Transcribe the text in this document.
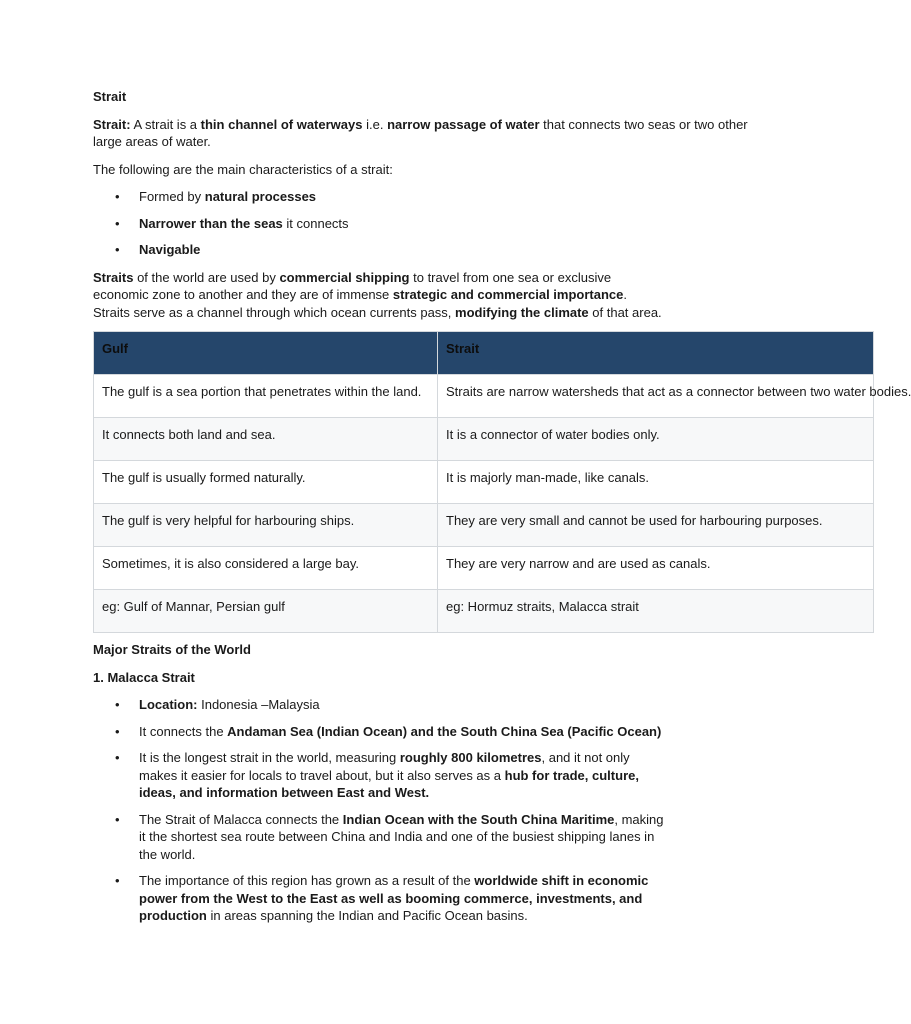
Strait

Strait: A strait is a thin channel of waterways i.e. narrow passage of water that connects two seas or two other large areas of water.

The following are the main characteristics of a strait:

• Formed by natural processes
• Narrower than the seas it connects
• Navigable

Straits of the world are used by commercial shipping to travel from one sea or exclusive economic zone to another and they are of immense strategic and commercial importance. Straits serve as a channel through which ocean currents pass, modifying the climate of that area.

Gulf	Strait
The gulf is a sea portion that penetrates within the land.	Straits are narrow watersheds that act as a connector between two water bodies.
It connects both land and sea.	It is a connector of water bodies only.
The gulf is usually formed naturally.	It is majorly man-made, like canals.
The gulf is very helpful for harbouring ships.	They are very small and cannot be used for harbouring purposes.
Sometimes, it is also considered a large bay.	They are very narrow and are used as canals.
eg: Gulf of Mannar, Persian gulf	eg: Hormuz straits, Malacca strait
Major Straits of the World
1. Malacca Strait
• Location: Indonesia –Malaysia
• It connects the Andaman Sea (Indian Ocean) and the South China Sea (Pacific Ocean)
• It is the longest strait in the world, measuring roughly 800 kilometres, and it not only makes it easier for locals to travel about, but it also serves as a hub for trade, culture, ideas, and information between East and West.
• The Strait of Malacca connects the Indian Ocean with the South China Maritime, making it the shortest sea route between China and India and one of the busiest shipping lanes in the world.
• The importance of this region has grown as a result of the worldwide shift in economic power from the West to the East as well as booming commerce, investments, and production in areas spanning the Indian and Pacific Ocean basins.
